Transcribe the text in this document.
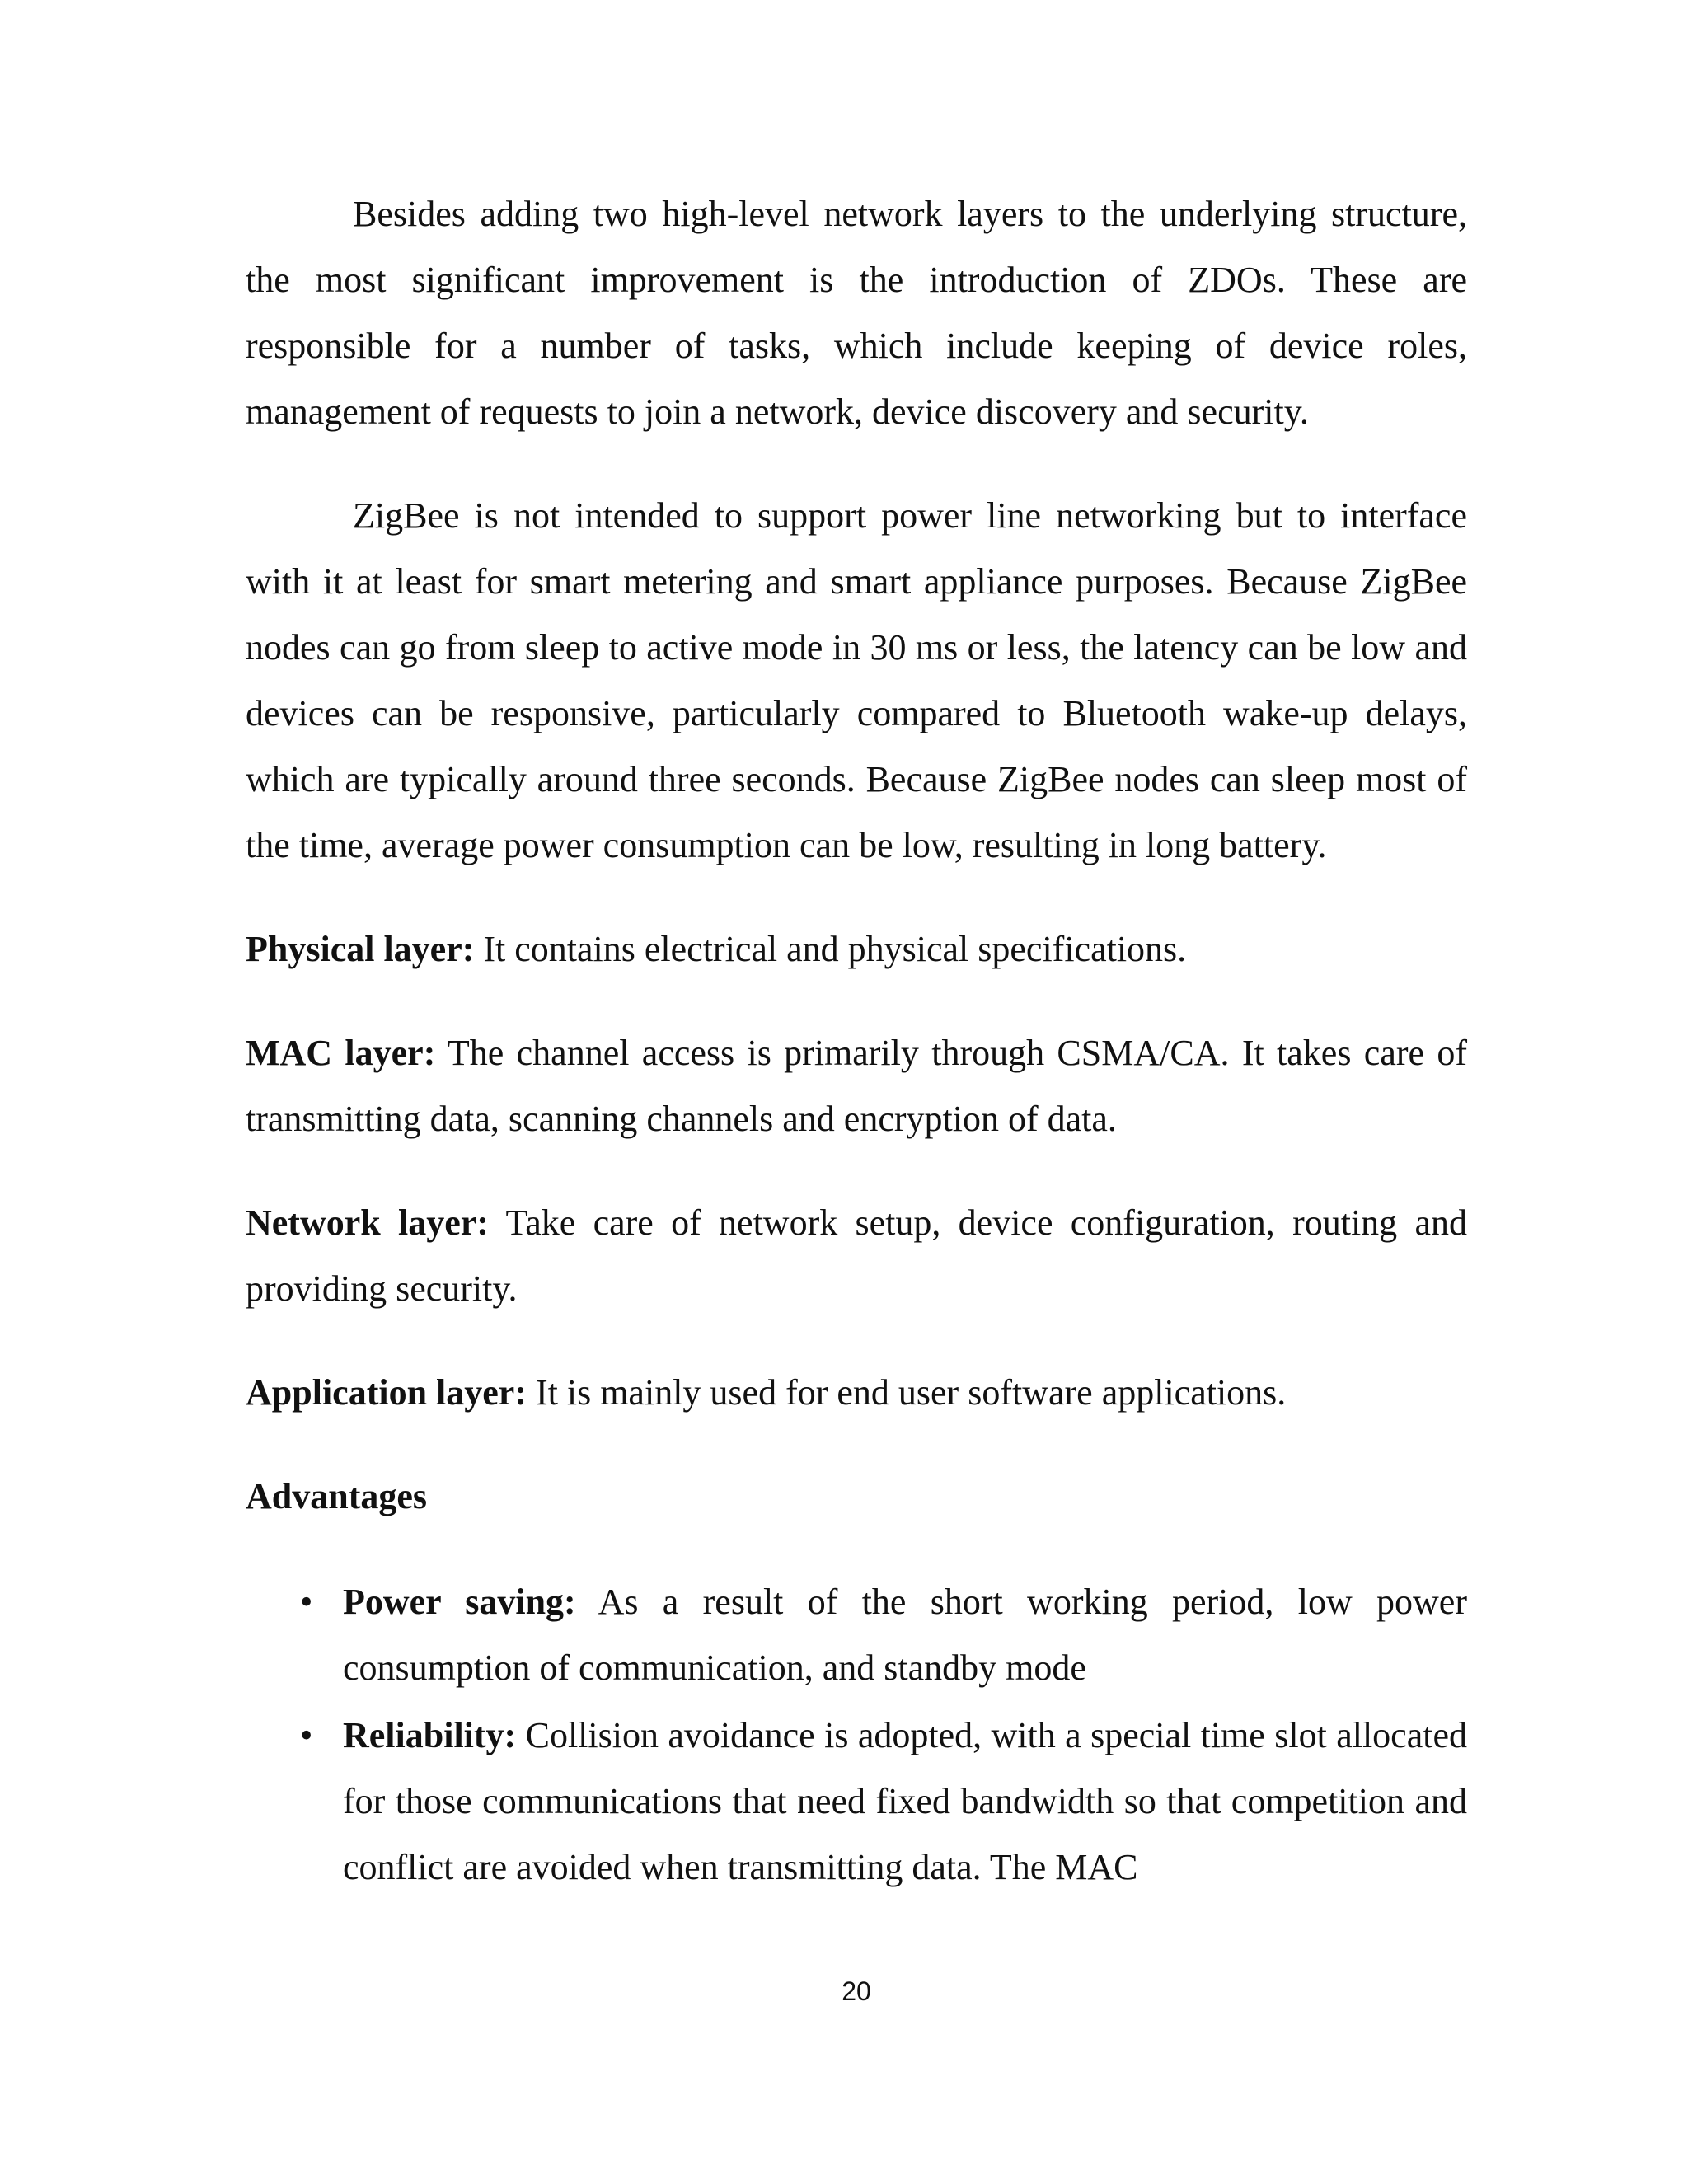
Besides adding two high-level network layers to the underlying structure, the most significant improvement is the introduction of ZDOs. These are responsible for a number of tasks, which include keeping of device roles, management of requests to join a network, device discovery and security.

ZigBee is not intended to support power line networking but to interface with it at least for smart metering and smart appliance purposes. Because ZigBee nodes can go from sleep to active mode in 30 ms or less, the latency can be low and devices can be responsive, particularly compared to Bluetooth wake-up delays, which are typically around three seconds. Because ZigBee nodes can sleep most of the time, average power consumption can be low, resulting in long battery.

Physical layer: It contains electrical and physical specifications.

MAC layer: The channel access is primarily through CSMA/CA. It takes care of transmitting data, scanning channels and encryption of data.

Network layer: Take care of network setup, device configuration, routing and providing security.

Application layer: It is mainly used for end user software applications.

Advantages

• Power saving: As a result of the short working period, low power consumption of communication, and standby mode
• Reliability: Collision avoidance is adopted, with a special time slot allocated for those communications that need fixed bandwidth so that competition and conflict are avoided when transmitting data. The MAC
20
